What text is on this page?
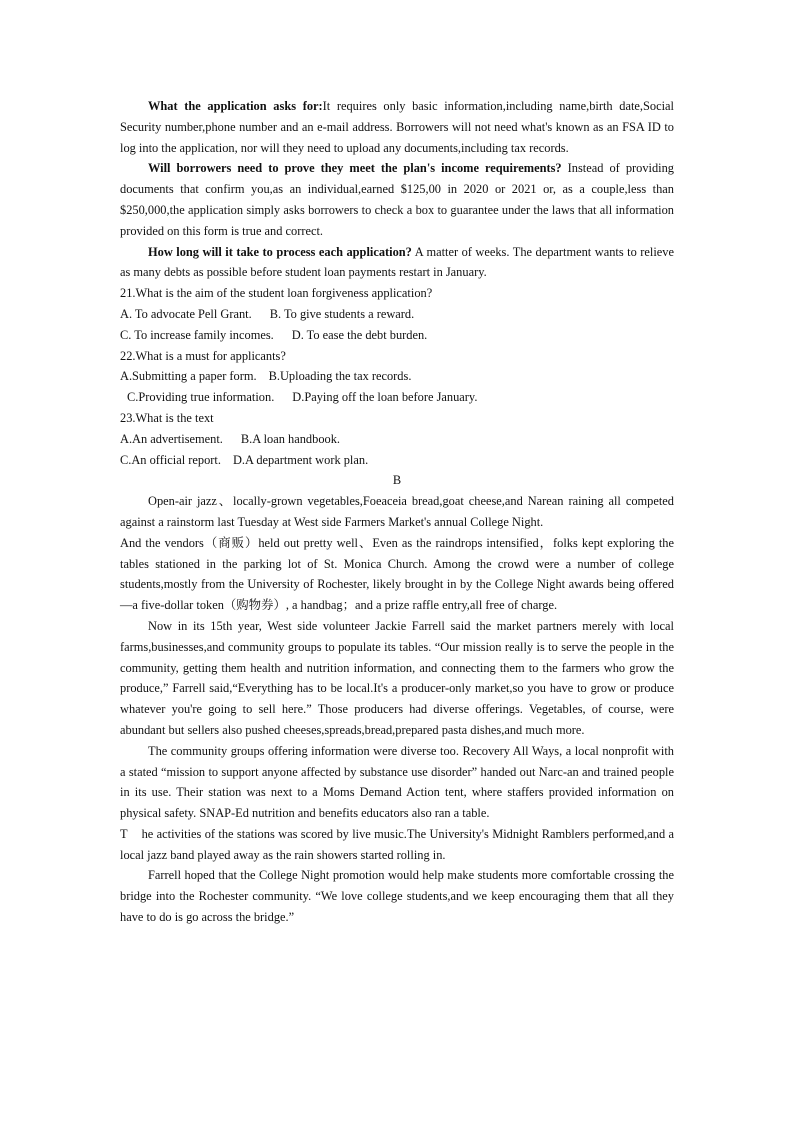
What the application asks for:It requires only basic information,including name,birth date,Social Security number,phone number and an e-mail address. Borrowers will not need what's known as an FSA ID to log into the application, nor will they need to upload any documents,including tax records.

Will borrowers need to prove they meet the plan's income requirements? Instead of providing documents that confirm you,as an individual,earned $125,00 in 2020 or 2021 or, as a couple,less than $250,000,the application simply asks borrowers to check a box to guarantee under the laws that all information provided on this form is true and correct.

How long will it take to process each application? A matter of weeks. The department wants to relieve as many debts as possible before student loan payments restart in January.

21.What is the aim of the student loan forgiveness application?

A. To advocate Pell Grant. B. To give students a reward.

C. To increase family incomes. D. To ease the debt burden.

22.What is a must for applicants?

A.Submitting a paper form. B.Uploading the tax records.

C.Providing true information. D.Paying off the loan before January.

23.What is the text

A.An advertisement. B.A loan handbook.

C.An official report. D.A department work plan.

B

Open-air jazz、locally-grown vegetables,Foeaceia bread,goat cheese,and Narean raining all competed against a rainstorm last Tuesday at West side Farmers Market's annual College Night.

And the vendors（商贩）held out pretty well、Even as the raindrops intensified，folks kept exploring the tables stationed in the parking lot of St. Monica Church. Among the crowd were a number of college students,mostly from the University of Rochester, likely brought in by the College Night awards being offered—a five-dollar token（购物券）, a handbag；and a prize raffle entry,all free of charge.

Now in its 15th year, West side volunteer Jackie Farrell said the market partners merely with local farms,businesses,and community groups to populate its tables. “Our mission really is to serve the people in the community, getting them health and nutrition information, and connecting them to the farmers who grow the produce,” Farrell said,“Everything has to be local.It's a producer-only market,so you have to grow or produce whatever you're going to sell here.” Those producers had diverse offerings. Vegetables, of course, were abundant but sellers also pushed cheeses,spreads,bread,prepared pasta dishes,and much more.

The community groups offering information were diverse too. Recovery All Ways, a local nonprofit with a stated “mission to support anyone affected by substance use disorder” handed out Narc-an and trained people in its use. Their station was next to a Moms Demand Action tent, where staffers provided information on physical safety. SNAP-Ed nutrition and benefits educators also ran a table.

T he activities of the stations was scored by live music.The University's Midnight Ramblers performed,and a local jazz band played away as the rain showers started rolling in.

Farrell hoped that the College Night promotion would help make students more comfortable crossing the bridge into the Rochester community. “We love college students,and we keep encouraging them that all they have to do is go across the bridge.”
